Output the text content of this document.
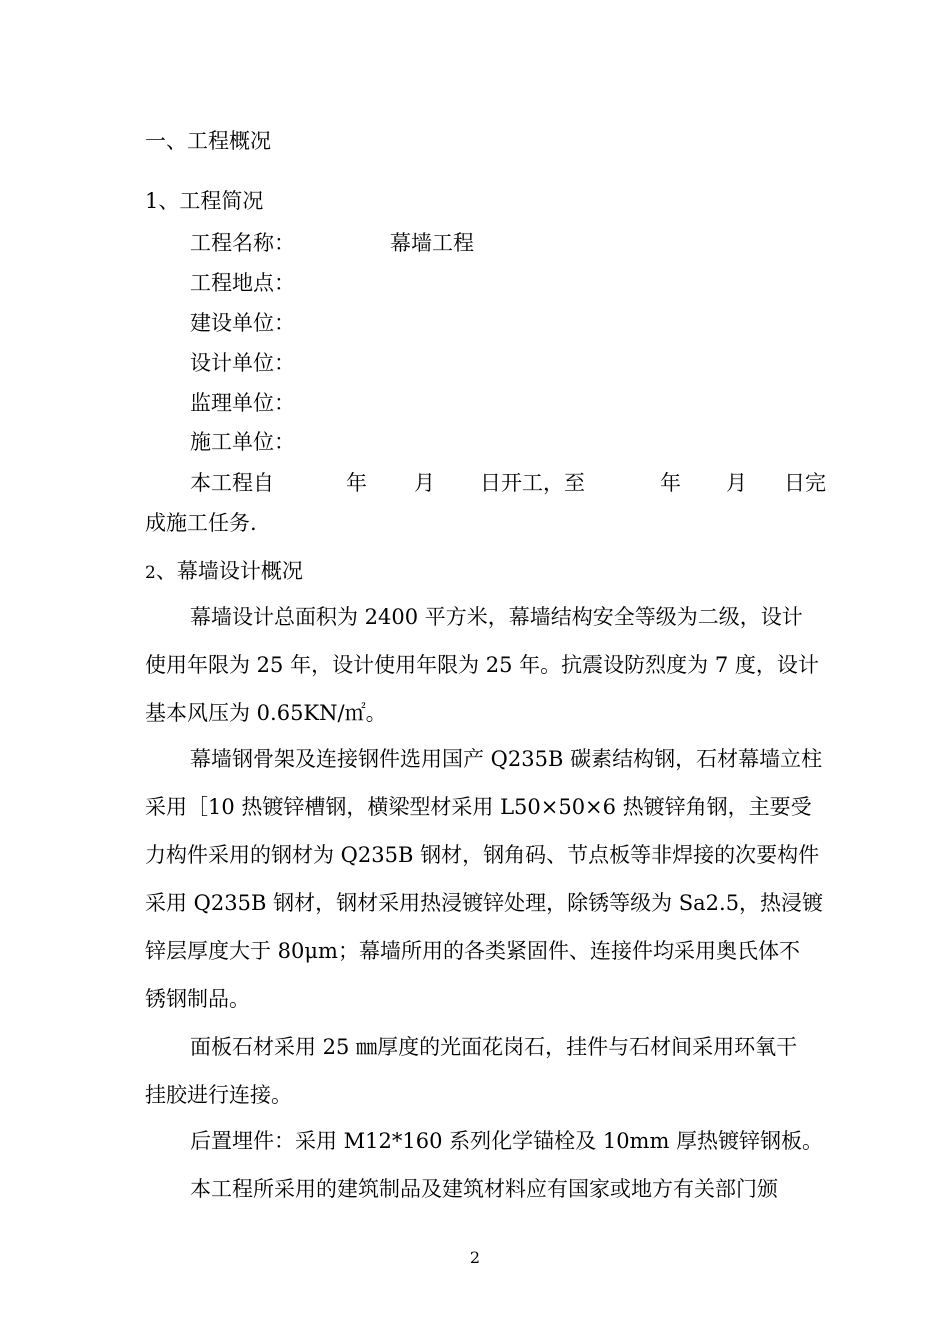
一、工程概况
1、工程简况
工程名称：	幕墙工程
工程地点：
建设单位：
设计单位：
监理单位：
施工单位：
本工程自	年 月 日开工，至	年 月 日完
成施工任务.
2、幕墙设计概况
幕墙设计总面积为 2400 平方米，幕墙结构安全等级为二级，设计
使用年限为 25 年，设计使用年限为 25 年。抗震设防烈度为 7 度，设计
基本风压为 0.65KN/㎡。
幕墙钢骨架及连接钢件选用国产 Q235B 碳素结构钢，石材幕墙立柱
采用［10 热镀锌槽钢，横梁型材采用 L50×50×6 热镀锌角钢，主要受
力构件采用的钢材为 Q235B 钢材，钢角码、节点板等非焊接的次要构件
采用 Q235B 钢材，钢材采用热浸镀锌处理，除锈等级为 Sa2.5，热浸镀
锌层厚度大于 80μm；幕墙所用的各类紧固件、连接件均采用奥氏体不
锈钢制品。
面板石材采用 25 ㎜厚度的光面花岗石，挂件与石材间采用环氧干
挂胶进行连接。
后置埋件：采用 M12*160 系列化学锚栓及 10mm 厚热镀锌钢板。
本工程所采用的建筑制品及建筑材料应有国家或地方有关部门颁
2
